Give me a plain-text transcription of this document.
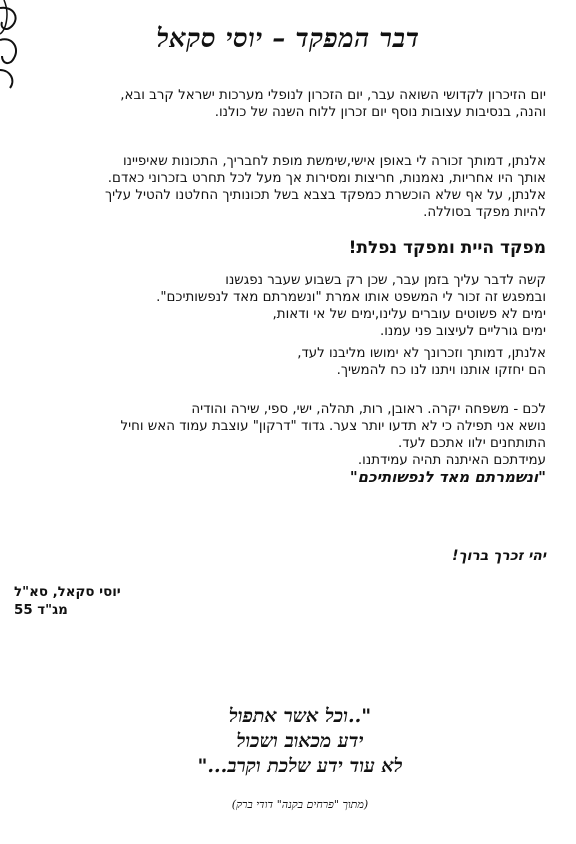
דבר המפקד – יוסי סקאל
יום הזיכרון לקדושי השואה עבר, יום הזכרון לנופלי מערכות ישראל קרב ובא,
והנה, בנסיבות עצובות נוסף יום זכרון ללוח השנה של כולנו.
אלנתן, דמותך זכורה לי באופן אישי,שימשת מופת לחבריך, התכונות שאיפיינו
אותך היו אחריות, נאמנות, חריצות ומסירות אך מעל לכל תחרט בזכרוני כאדם.
אלנתן, על אף שלא הוכשרת כמפקד בצבא בשל תכונותיך החלטנו להטיל עליך
להיות מפקד בסוללה.
מפקד היית ומפקד נפלת!
קשה לדבר עליך בזמן עבר, שכן רק בשבוע שעבר נפגשנו
ובמפגש זה זכור לי המשפט אותו אמרת "ונשמרתם מאד לנפשותיכם".
ימים לא פשוטים עוברים עלינו,ימים של אי ודאות,
ימים גורליים לעיצוב פני עמנו.
אלנתן, דמותך וזכרונך לא ימושו מליבנו לעד,
הם יחזקו אותנו ויתנו לנו כח להמשיך.
לכם - משפחה יקרה. ראובן, רות, תהלה, ישי, ספי, שירה והודיה
נושא אני תפילה כי לא תדעו יותר צער. גדוד "דרקון" עוצבת עמוד האש וחיל
התותחנים ילוו אתכם לעד.
עמידתכם האיתנה תהיה עמידתנו.
"ונשמרתם מאד לנפשותיכם"
יהי זכרך ברוך!
יוסי סקאל, סא"ל
מג"ד 55
"..וכל אשר אתפול
ידע מכאוב ושכול
לא עוד ידע שלכת וקרב..."
(מתוך "פרחים בקנה" דודי ברק)
